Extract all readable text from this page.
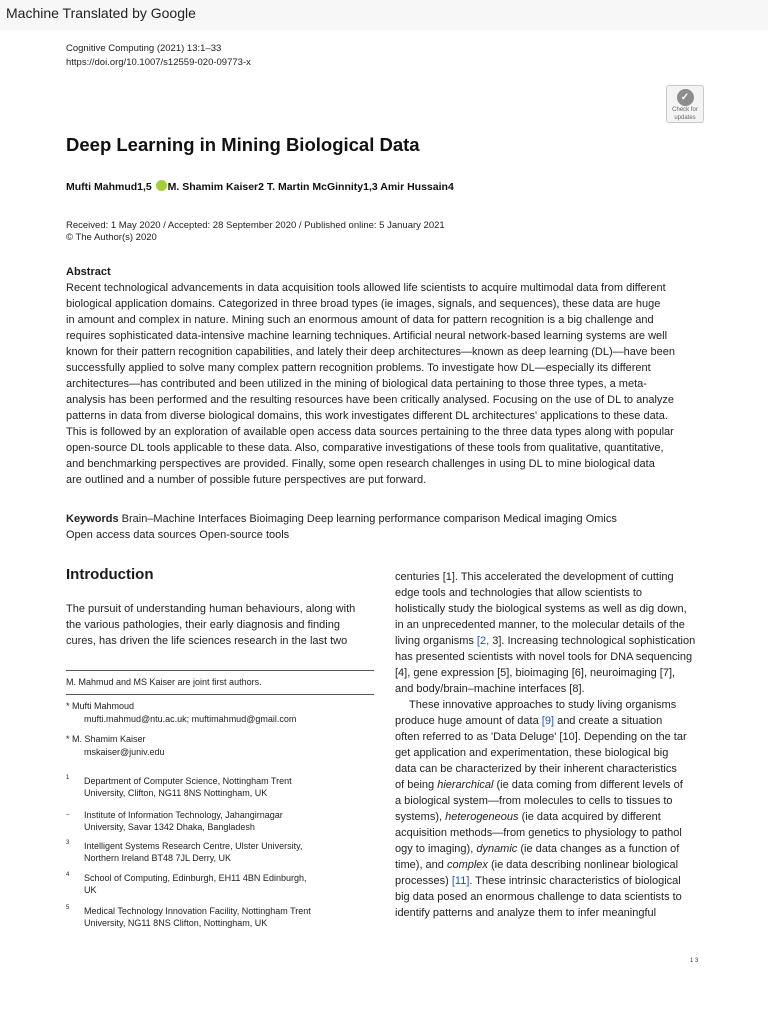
Machine Translated by Google
Cognitive Computing (2021) 13:1–33
https://doi.org/10.1007/s12559-020-09773-x
✓
Check for
updates
Deep Learning in Mining Biological Data
Mufti Mahmud1,5 M. Shamim Kaiser2 T. Martin McGinnity1,3 Amir Hussain4
Received: 1 May 2020 / Accepted: 28 September 2020 / Published online: 5 January 2021
© The Author(s) 2020
Abstract
Recent technological advancements in data acquisition tools allowed life scientists to acquire multimodal data from different
biological application domains. Categorized in three broad types (ie images, signals, and sequences), these data are huge
in amount and complex in nature. Mining such an enormous amount of data for pattern recognition is a big challenge and
requires sophisticated data-intensive machine learning techniques. Artificial neural network-based learning systems are well
known for their pattern recognition capabilities, and lately their deep architectures—known as deep learning (DL)—have been
successfully applied to solve many complex pattern recognition problems. To investigate how DL—especially its different
architectures—has contributed and been utilized in the mining of biological data pertaining to those three types, a meta-
analysis has been performed and the resulting resources have been critically analysed. Focusing on the use of DL to analyze
patterns in data from diverse biological domains, this work investigates different DL architectures' applications to these data.
This is followed by an exploration of available open access data sources pertaining to the three data types along with popular
open-source DL tools applicable to these data. Also, comparative investigations of these tools from qualitative, quantitative,
and benchmarking perspectives are provided. Finally, some open research challenges in using DL to mine biological data
are outlined and a number of possible future perspectives are put forward.
Keywords Brain–Machine Interfaces Bioimaging Deep learning performance comparison Medical imaging Omics
Open access data sources Open-source tools
Introduction
The pursuit of understanding human behaviours, along with
the various pathologies, their early diagnosis and finding
cures, has driven the life sciences research in the last two
M. Mahmud and MS Kaiser are joint first authors.
* Mufti Mahmoud
mufti.mahmud@ntu.ac.uk; muftimahmud@gmail.com
* M. Shamim Kaiser
mskaiser@juniv.edu
1	Department of Computer Science, Nottingham Trent
University, Clifton, NG11 8NS Nottingham, UK
_	Institute of Information Technology, Jahangirnagar
University, Savar 1342 Dhaka, Bangladesh
3	Intelligent Systems Research Centre, Ulster University,
Northern Ireland BT48 7JL Derry, UK
4	School of Computing, Edinburgh, EH11 4BN Edinburgh,
UK
5	Medical Technology Innovation Facility, Nottingham Trent
University, NG11 8NS Clifton, Nottingham, UK
centuries [1]. This accelerated the development of cutting
edge tools and technologies that allow scientists to
holistically study the biological systems as well as dig down,
in an unprecedented manner, to the molecular details of the
living organisms [2, 3]. Increasing technological sophistication
has presented scientists with novel tools for DNA sequencing
[4], gene expression [5], bioimaging [6], neuroimaging [7],
and body/brain–machine interfaces [8].
These innovative approaches to study living organisms
produce huge amount of data [9] and create a situation
often referred to as 'Data Deluge' [10]. Depending on the tar
get application and experimentation, these biological big
data can be characterized by their inherent characteristics
of being hierarchical (ie data coming from different levels of
a biological system—from molecules to cells to tissues to
systems), heterogeneous (ie data acquired by different
acquisition methods—from genetics to physiology to pathol
ogy to imaging), dynamic (ie data changes as a function of
time), and complex (ie data describing nonlinear biological
processes) [11]. These intrinsic characteristics of biological
big data posed an enormous challenge to data scientists to
identify patterns and analyze them to infer meaningful
1 3
